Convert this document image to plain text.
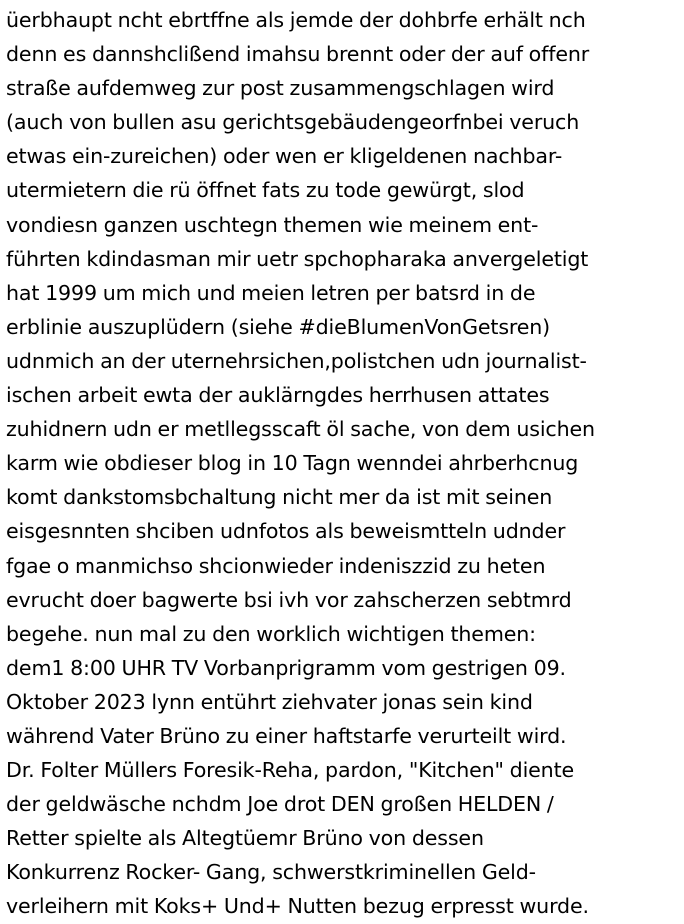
üerbhaupt ncht ebrtffne als jemde der dohbrfe erhält nch
denn es dannshclißend imahsu brennt oder der auf offenr
straße aufdemweg zur post zusammengschlagen wird
(auch von bullen asu gerichtsgebäudengeorfnbei veruch
etwas ein-zureichen) oder wen er kligeldenen nachbar-
utermietern die rü öffnet fats zu tode gewürgt, slod
vondiesn ganzen uschtegn themen wie meinem ent-
führten kdindasman mir uetr spchopharaka anvergeletigt
hat 1999 um mich und meien letren per batsrd in de
erblinie auszuplüdern (siehe #dieBlumenVonGetsren)
udnmich an der uternehrsichen,polistchen udn journalist-
ischen arbeit ewta der auklärngdes herrhusen attates
zuhidnern udn er metllegsscaft öl sache, von dem usichen
karm wie obdieser blog in 10 Tagn wenndei ahrberhcnug
komt dankstomsbchaltung nicht mer da ist mit seinen
eisgesnnten shciben udnfotos als beweismtteln udnder
fgae o manmichso shcionwieder indeniszzid zu heten
evrucht doer bagwerte bsi ivh vor zahscherzen sebtmrd
begehe. nun mal zu den worklich wichtigen themen:
dem1 8:00 UHR TV Vorbanprigramm vom gestrigen 09.
Oktober 2023 lynn entührt ziehvater jonas sein kind
während Vater Brüno zu einer haftstarfe verurteilt wird.
Dr. Folter Müllers Foresik-Reha, pardon, "Kitchen" diente
der geldwäsche nchdm Joe drot DEN großen HELDEN /
Retter spielte als Altegtüemr Brüno von dessen
Konkurrenz Rocker- Gang, schwerstkriminellen Geld-
verleihern mit Koks+ Und+ Nutten bezug erpresst wurde.
